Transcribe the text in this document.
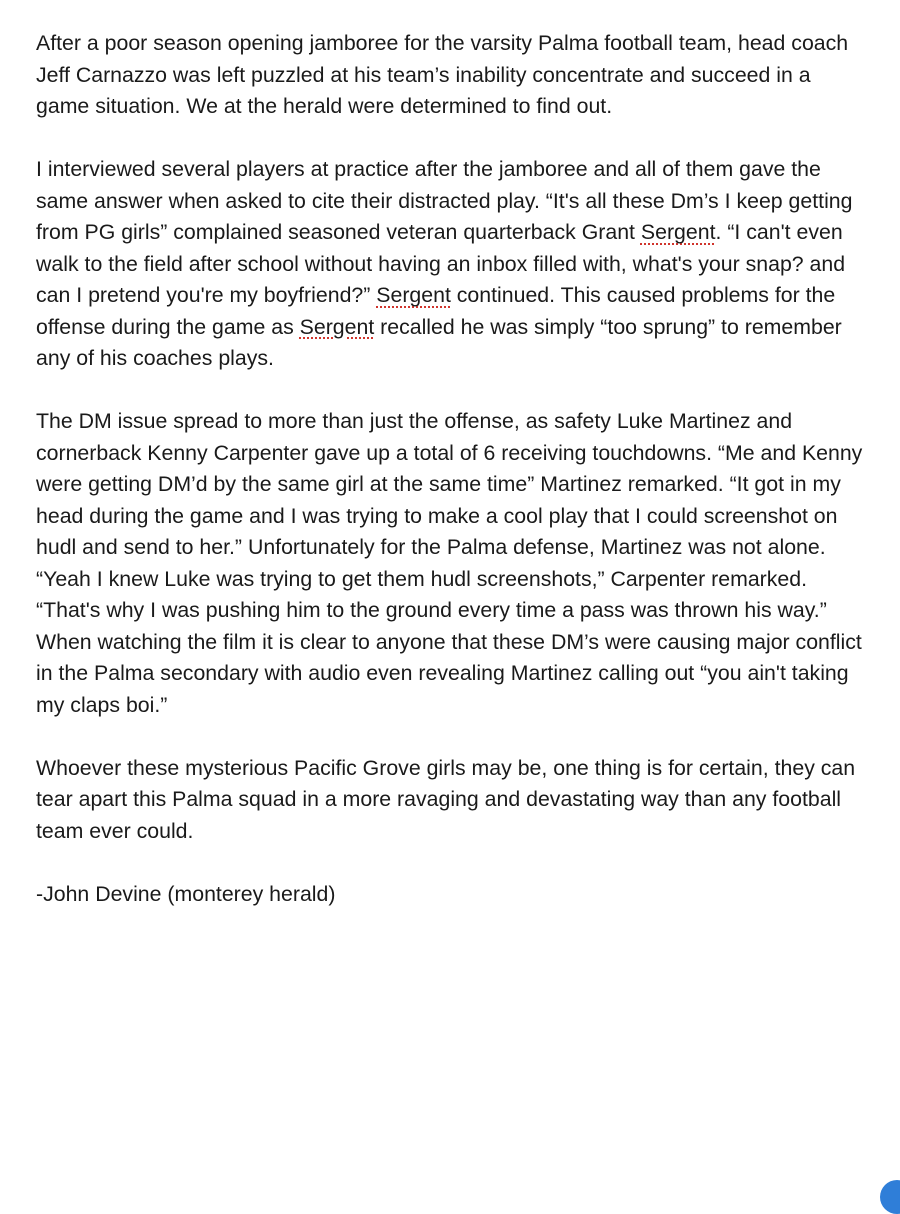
After a poor season opening jamboree for the varsity Palma football team, head coach Jeff Carnazzo was left puzzled at his team’s inability concentrate and succeed in a game situation. We at the herald were determined to find out.

I interviewed several players at practice after the jamboree and all of them gave the same answer when asked to cite their distracted play. “It's all these Dm’s I keep getting from PG girls” complained seasoned veteran quarterback Grant Sergent. “I can't even walk to the field after school without having an inbox filled with, what's your snap? and can I pretend you're my boyfriend?” Sergent continued. This caused problems for the offense during the game as Sergent recalled he was simply “too sprung” to remember any of his coaches plays.

The DM issue spread to more than just the offense, as safety Luke Martinez and cornerback Kenny Carpenter gave up a total of 6 receiving touchdowns. “Me and Kenny were getting DM’d by the same girl at the same time” Martinez remarked. “It got in my head during the game and I was trying to make a cool play that I could screenshot on hudl and send to her.” Unfortunately for the Palma defense, Martinez was not alone. “Yeah I knew Luke was trying to get them hudl screenshots,” Carpenter remarked. “That's why I was pushing him to the ground every time a pass was thrown his way.” When watching the film it is clear to anyone that these DM’s were causing major conflict in the Palma secondary with audio even revealing Martinez calling out “you ain't taking my claps boi.”

Whoever these mysterious Pacific Grove girls may be, one thing is for certain, they can tear apart this Palma squad in a more ravaging and devastating way than any football team ever could.

-John Devine (monterey herald)
